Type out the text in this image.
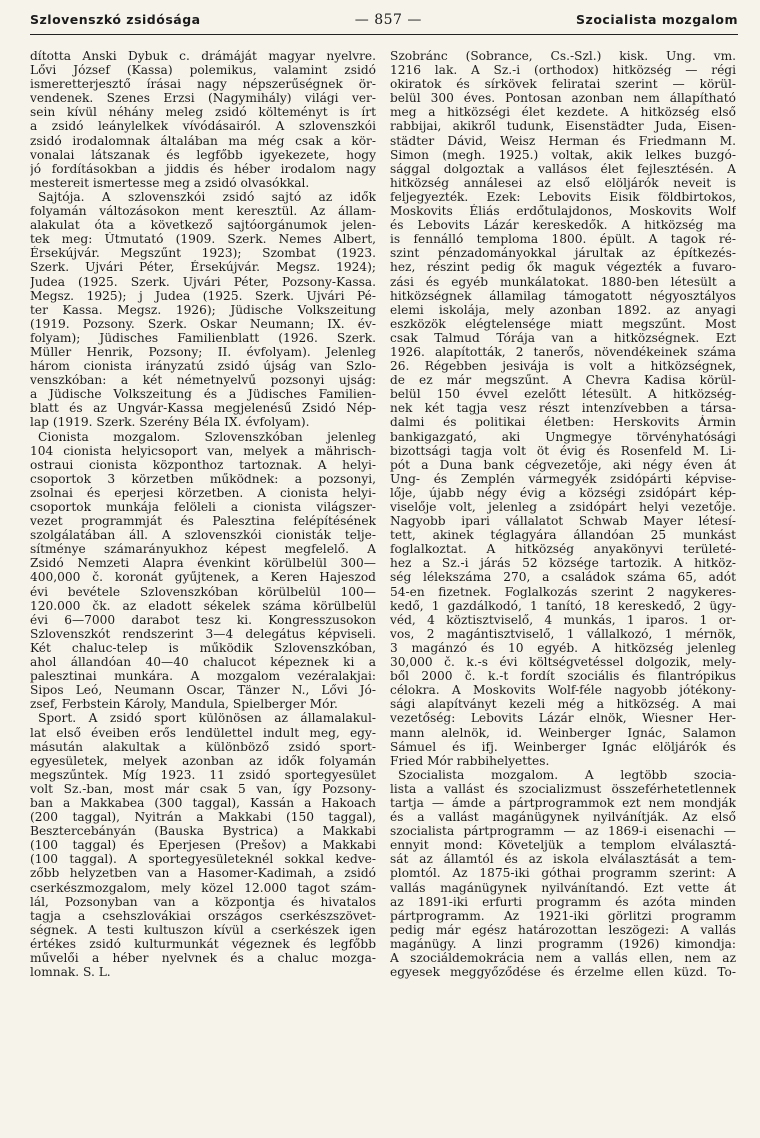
Szlovenszkó zsidósága	— 857 —	Szocialista mozgalom
dította Anski Dybuk c. drámáját magyar nyelvre.
Lővi József (Kassa) polemikus, valamint zsidó
ismeretterjesztő írásai nagy népszerűségnek ör-
vendenek. Szenes Erzsi (Nagymihály) világi ver-
sein kívül néhány meleg zsidó költeményt is írt
a zsidó leánylelkek vívódásairól. A szlovenszkói
zsidó irodalomnak általában ma még csak a kör-
vonalai látszanak és legfőbb igyekezete, hogy
jó fordításokban a jiddis és héber irodalom nagy
mestereit ismertesse meg a zsidó olvasókkal.
Sajtója. A szlovenszkói zsidó sajtó az idők
folyamán változásokon ment keresztül. Az állam-
alakulat óta a következő sajtóorgánumok jelen-
tek meg: Útmutató (1909. Szerk. Nemes Albert,
Érsekújvár. Megszűnt 1923); Szombat (1923.
Szerk. Ujvári Péter, Érsekújvár. Megsz. 1924);
Judea (1925. Szerk. Ujvári Péter, Pozsony-Kassa.
Megsz. 1925); j Judea (1925. Szerk. Ujvári Pé-
ter Kassa. Megsz. 1926); Jüdische Volkszeitung
(1919. Pozsony. Szerk. Oskar Neumann; IX. év-
folyam); Jüdisches Familienblatt (1926. Szerk.
Müller Henrik, Pozsony; II. évfolyam). Jelenleg
három cionista irányzatú zsidó újság van Szlo-
venszkóban: a két németnyelvű pozsonyi ujság:
a Jüdische Volkszeitung és a Jüdisches Familien-
blatt és az Ungvár-Kassa megjelenésű Zsidó Nép-
lap (1919. Szerk. Szerény Béla IX. évfolyam).
Cionista mozgalom. Szlovenszkóban jelenleg
104 cionista helyicsoport van, melyek a mährisch-
ostraui cionista központhoz tartoznak. A helyi-
csoportok 3 körzetben működnek: a pozsonyi,
zsolnai és eperjesi körzetben. A cionista helyi-
csoportok munkája felöleli a cionista világszer-
vezet programmját és Palesztina felépítésének
szolgálatában áll. A szlovenszkói cionisták telje-
sítménye számarányukhoz képest megfelelő. A
Zsidó Nemzeti Alapra évenkint körülbelül 300—
400,000 č. koronát gyűjtenek, a Keren Hajeszod
évi bevétele Szlovenszkóban körülbelül 100—
120.000 čk. az eladott sékelek száma körülbelül
évi 6—7000 darabot tesz ki. Kongresszusokon
Szlovenszkót rendszerint 3—4 delegátus képviseli.
Két chaluc-telep is működik Szlovenszkóban,
ahol állandóan 40—40 chalucot képeznek ki a
palesztinai munkára. A mozgalom vezéralakjai:
Sipos Leó, Neumann Oscar, Tänzer N., Lővi Jó-
zsef, Ferbstein Károly, Mandula, Spielberger Mór.
Sport. A zsidó sport különösen az államalakul-
lat első éveiben erős lendülettel indult meg, egy-
másután alakultak a különböző zsidó sport-
egyesületek, melyek azonban az idők folyamán
megszűntek. Míg 1923. 11 zsidó sportegyesület
volt Sz.-ban, most már csak 5 van, így Pozsony-
ban a Makkabea (300 taggal), Kassán a Hakoach
(200 taggal), Nyitrán a Makkabi (150 taggal),
Besztercebányán (Bauska Bystrica) a Makkabi
(100 taggal) és Eperjesen (Prešov) a Makkabi
(100 taggal). A sportegyesületeknél sokkal kedve-
zőbb helyzetben van a Hasomer-Kadimah, a zsidó
cserkészmozgalom, mely közel 12.000 tagot szám-
lál, Pozsonyban van a központja és hivatalos
tagja a csehszlovákiai országos cserkészszövet-
ségnek. A testi kultuszon kívül a cserkészek igen
értékes zsidó kulturmunkát végeznek és legfőbb
művelői a héber nyelvnek és a chaluc mozga-
lomnak. S. L.
Szobránc (Sobrance, Cs.-Szl.) kisk. Ung. vm.
1216 lak. A Sz.-i (orthodox) hitközség — régi
okiratok és sírkövek feliratai szerint — körül-
belül 300 éves. Pontosan azonban nem állapítható
meg a hitközségi élet kezdete. A hitközség első
rabbijai, akikről tudunk, Eisenstädter Juda, Eisen-
städter Dávid, Weisz Herman és Friedmann M.
Simon (megh. 1925.) voltak, akik lelkes buzgó-
sággal dolgoztak a vallásos élet fejlesztésén. A
hitközség annálesei az első elöljárók neveit is
feljegyezték. Ezek: Lebovits Eisik földbirtokos,
Moskovits Éliás erdőtulajdonos, Moskovits Wolf
és Lebovits Lázár kereskedők. A hitközség ma
is fennálló temploma 1800. épült. A tagok ré-
szint pénzadományokkal járultak az építkezés-
hez, részint pedig ők maguk végezték a fuvaro-
zási és egyéb munkálatokat. 1880-ben létesült a
hitközségnek államilag támogatott négyosztályos
elemi iskolája, mely azonban 1892. az anyagi
eszközök elégtelensége miatt megszűnt. Most
csak Talmud Tórája van a hitközségnek. Ezt
1926. alapították, 2 tanerős, növendékeinek száma
26. Régebben jesivája is volt a hitközségnek,
de ez már megszűnt. A Chevra Kadisa körül-
belül 150 évvel ezelőtt létesült. A hitközség-
nek két tagja vesz részt intenzívebben a társa-
dalmi és politikai életben: Herskovits Ármin
bankigazgató, aki Ungmegye törvényhatósági
bizottsági tagja volt öt évig és Rosenfeld M. Li-
pót a Duna bank cégvezetője, aki négy éven át
Ung- és Zemplén vármegyék zsidópárti képvise-
lője, újabb négy évig a községi zsidópárt kép-
viselője volt, jelenleg a zsidópárt helyi vezetője.
Nagyobb ipari vállalatot Schwab Mayer létesí-
tett, akinek téglagyára állandóan 25 munkást
foglalkoztat. A hitközség anyakönyvi területé-
hez a Sz.-i járás 52 községe tartozik. A hitköz-
ség lélekszáma 270, a családok száma 65, adót
54-en fizetnek. Foglalkozás szerint 2 nagykeres-
kedő, 1 gazdálkodó, 1 tanító, 18 kereskedő, 2 ügy-
véd, 4 köztisztviselő, 4 munkás, 1 iparos. 1 or-
vos, 2 magántisztviselő, 1 vállalkozó, 1 mérnök,
3 magánzó és 10 egyéb. A hitközség jelenleg
30,000 č. k.-s évi költségvetéssel dolgozik, mely-
ből 2000 č. k.-t fordít szociális és filantrópikus
célokra. A Moskovits Wolf-féle nagyobb jótékony-
sági alapítványt kezeli még a hitközség. A mai
vezetőség: Lebovits Lázár elnök, Wiesner Her-
mann alelnök, id. Weinberger Ignác, Salamon
Sámuel és ifj. Weinberger Ignác elöljárók és
Fried Mór rabbihelyettes.
Szocialista mozgalom. A legtöbb szocia-
lista a vallást és szocializmust összeférhetetlennek
tartja — ámde a pártprogrammok ezt nem mondják
és a vallást magánügynek nyilvánítják. Az első
szocialista pártprogramm — az 1869-i eisenachi —
ennyit mond: Követeljük a templom elválasztá-
sát az államtól és az iskola elválasztását a tem-
plomtól. Az 1875-iki góthai programm szerint: A
vallás magánügynek nyilvánítandó. Ezt vette át
az 1891-iki erfurti programm és azóta minden
pártprogramm. Az 1921-iki görlitzi programm
pedig már egész határozottan leszögezi: A vallás
magánügy. A linzi programm (1926) kimondja:
A szociáldemokrácia nem a vallás ellen, nem az
egyesek meggyőződése és érzelme ellen küzd. To-
